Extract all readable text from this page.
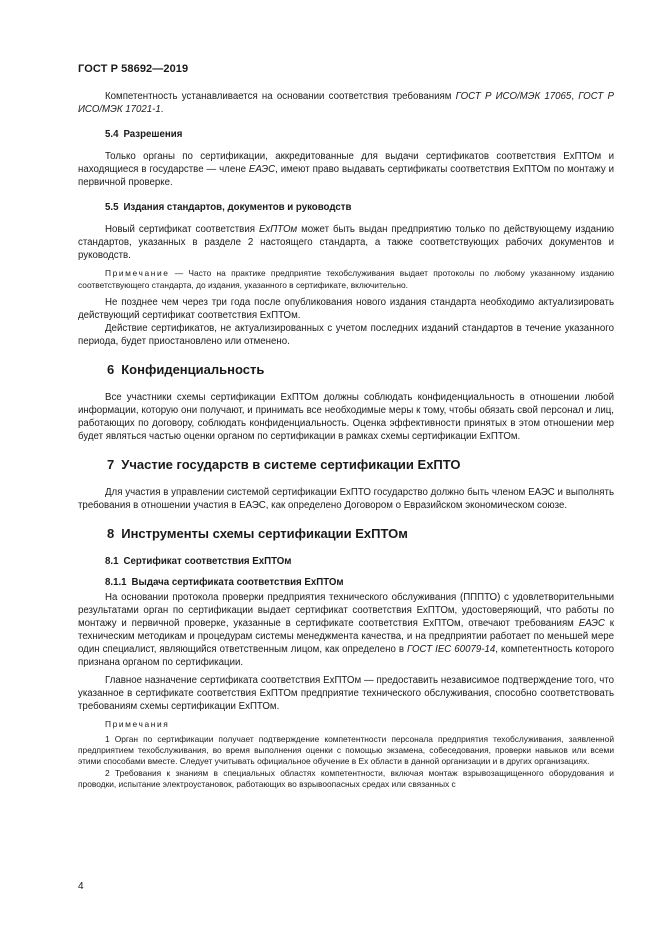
ГОСТ Р 58692—2019

Компетентность устанавливается на основании соответствия требованиям ГОСТ Р ИСО/МЭК 17065, ГОСТ Р ИСО/МЭК 17021-1.

5.4 Разрешения

Только органы по сертификации, аккредитованные для выдачи сертификатов соответствия ЕхПТОм и находящиеся в государстве — члене ЕАЭС, имеют право выдавать сертификаты соответствия ЕхПТОм по монтажу и первичной проверке.

5.5 Издания стандартов, документов и руководств

Новый сертификат соответствия ЕхПТОм может быть выдан предприятию только по действующему изданию стандартов, указанных в разделе 2 настоящего стандарта, а также соответствующих рабочих документов и руководств.

Примечание — Часто на практике предприятие техобслуживания выдает протоколы по любому указанному изданию соответствующего стандарта, до издания, указанного в сертификате, включительно.

Не позднее чем через три года после опубликования нового издания стандарта необходимо актуализировать действующий сертификат соответствия ЕхПТОм.

Действие сертификатов, не актуализированных с учетом последних изданий стандартов в течение указанного периода, будет приостановлено или отменено.

6 Конфиденциальность

Все участники схемы сертификации ЕхПТОм должны соблюдать конфиденциальность в отношении любой информации, которую они получают, и принимать все необходимые меры к тому, чтобы обязать свой персонал и лиц, работающих по договору, соблюдать конфиденциальность. Оценка эффективности принятых в этом отношении мер будет являться частью оценки органом по сертификации в рамках схемы сертификации ЕхПТОм.

7 Участие государств в системе сертификации ЕхПТО

Для участия в управлении системой сертификации ЕхПТО государство должно быть членом ЕАЭС и выполнять требования в отношении участия в ЕАЭС, как определено Договором о Евразийском экономическом союзе.

8 Инструменты схемы сертификации ЕхПТОм
8.1 Сертификат соответствия ЕхПТОм
8.1.1 Выдача сертификата соответствия ЕхПТОм

На основании протокола проверки предприятия технического обслуживания (ПППТО) с удовлетворительными результатами орган по сертификации выдает сертификат соответствия ЕхПТОм, удостоверяющий, что работы по монтажу и первичной проверке, указанные в сертификате соответствия ЕхПТОм, отвечают требованиям ЕАЭС к техническим методикам и процедурам системы менеджмента качества, и на предприятии работает по меньшей мере один специалист, являющийся ответственным лицом, как определено в ГОСТ IEC 60079-14, компетентность которого признана органом по сертификации.

Главное назначение сертификата соответствия ЕхПТОм — предоставить независимое подтверждение того, что указанное в сертификате соответствия ЕхПТОм предприятие технического обслуживания, способно соответствовать требованиям схемы сертификации ЕхПТОм.

Примечания

1 Орган по сертификации получает подтверждение компетентности персонала предприятия техобслуживания, заявленной предприятием техобслуживания, во время выполнения оценки с помощью экзамена, собеседования, проверки навыков или всеми этими способами вместе. Следует учитывать официальное обучение в Ех области в данной организации и в других организациях.

2 Требования к знаниям в специальных областях компетентности, включая монтаж взрывозащищенного оборудования и проводки, испытание электроустановок, работающих во взрывоопасных средах или связанных с

4
